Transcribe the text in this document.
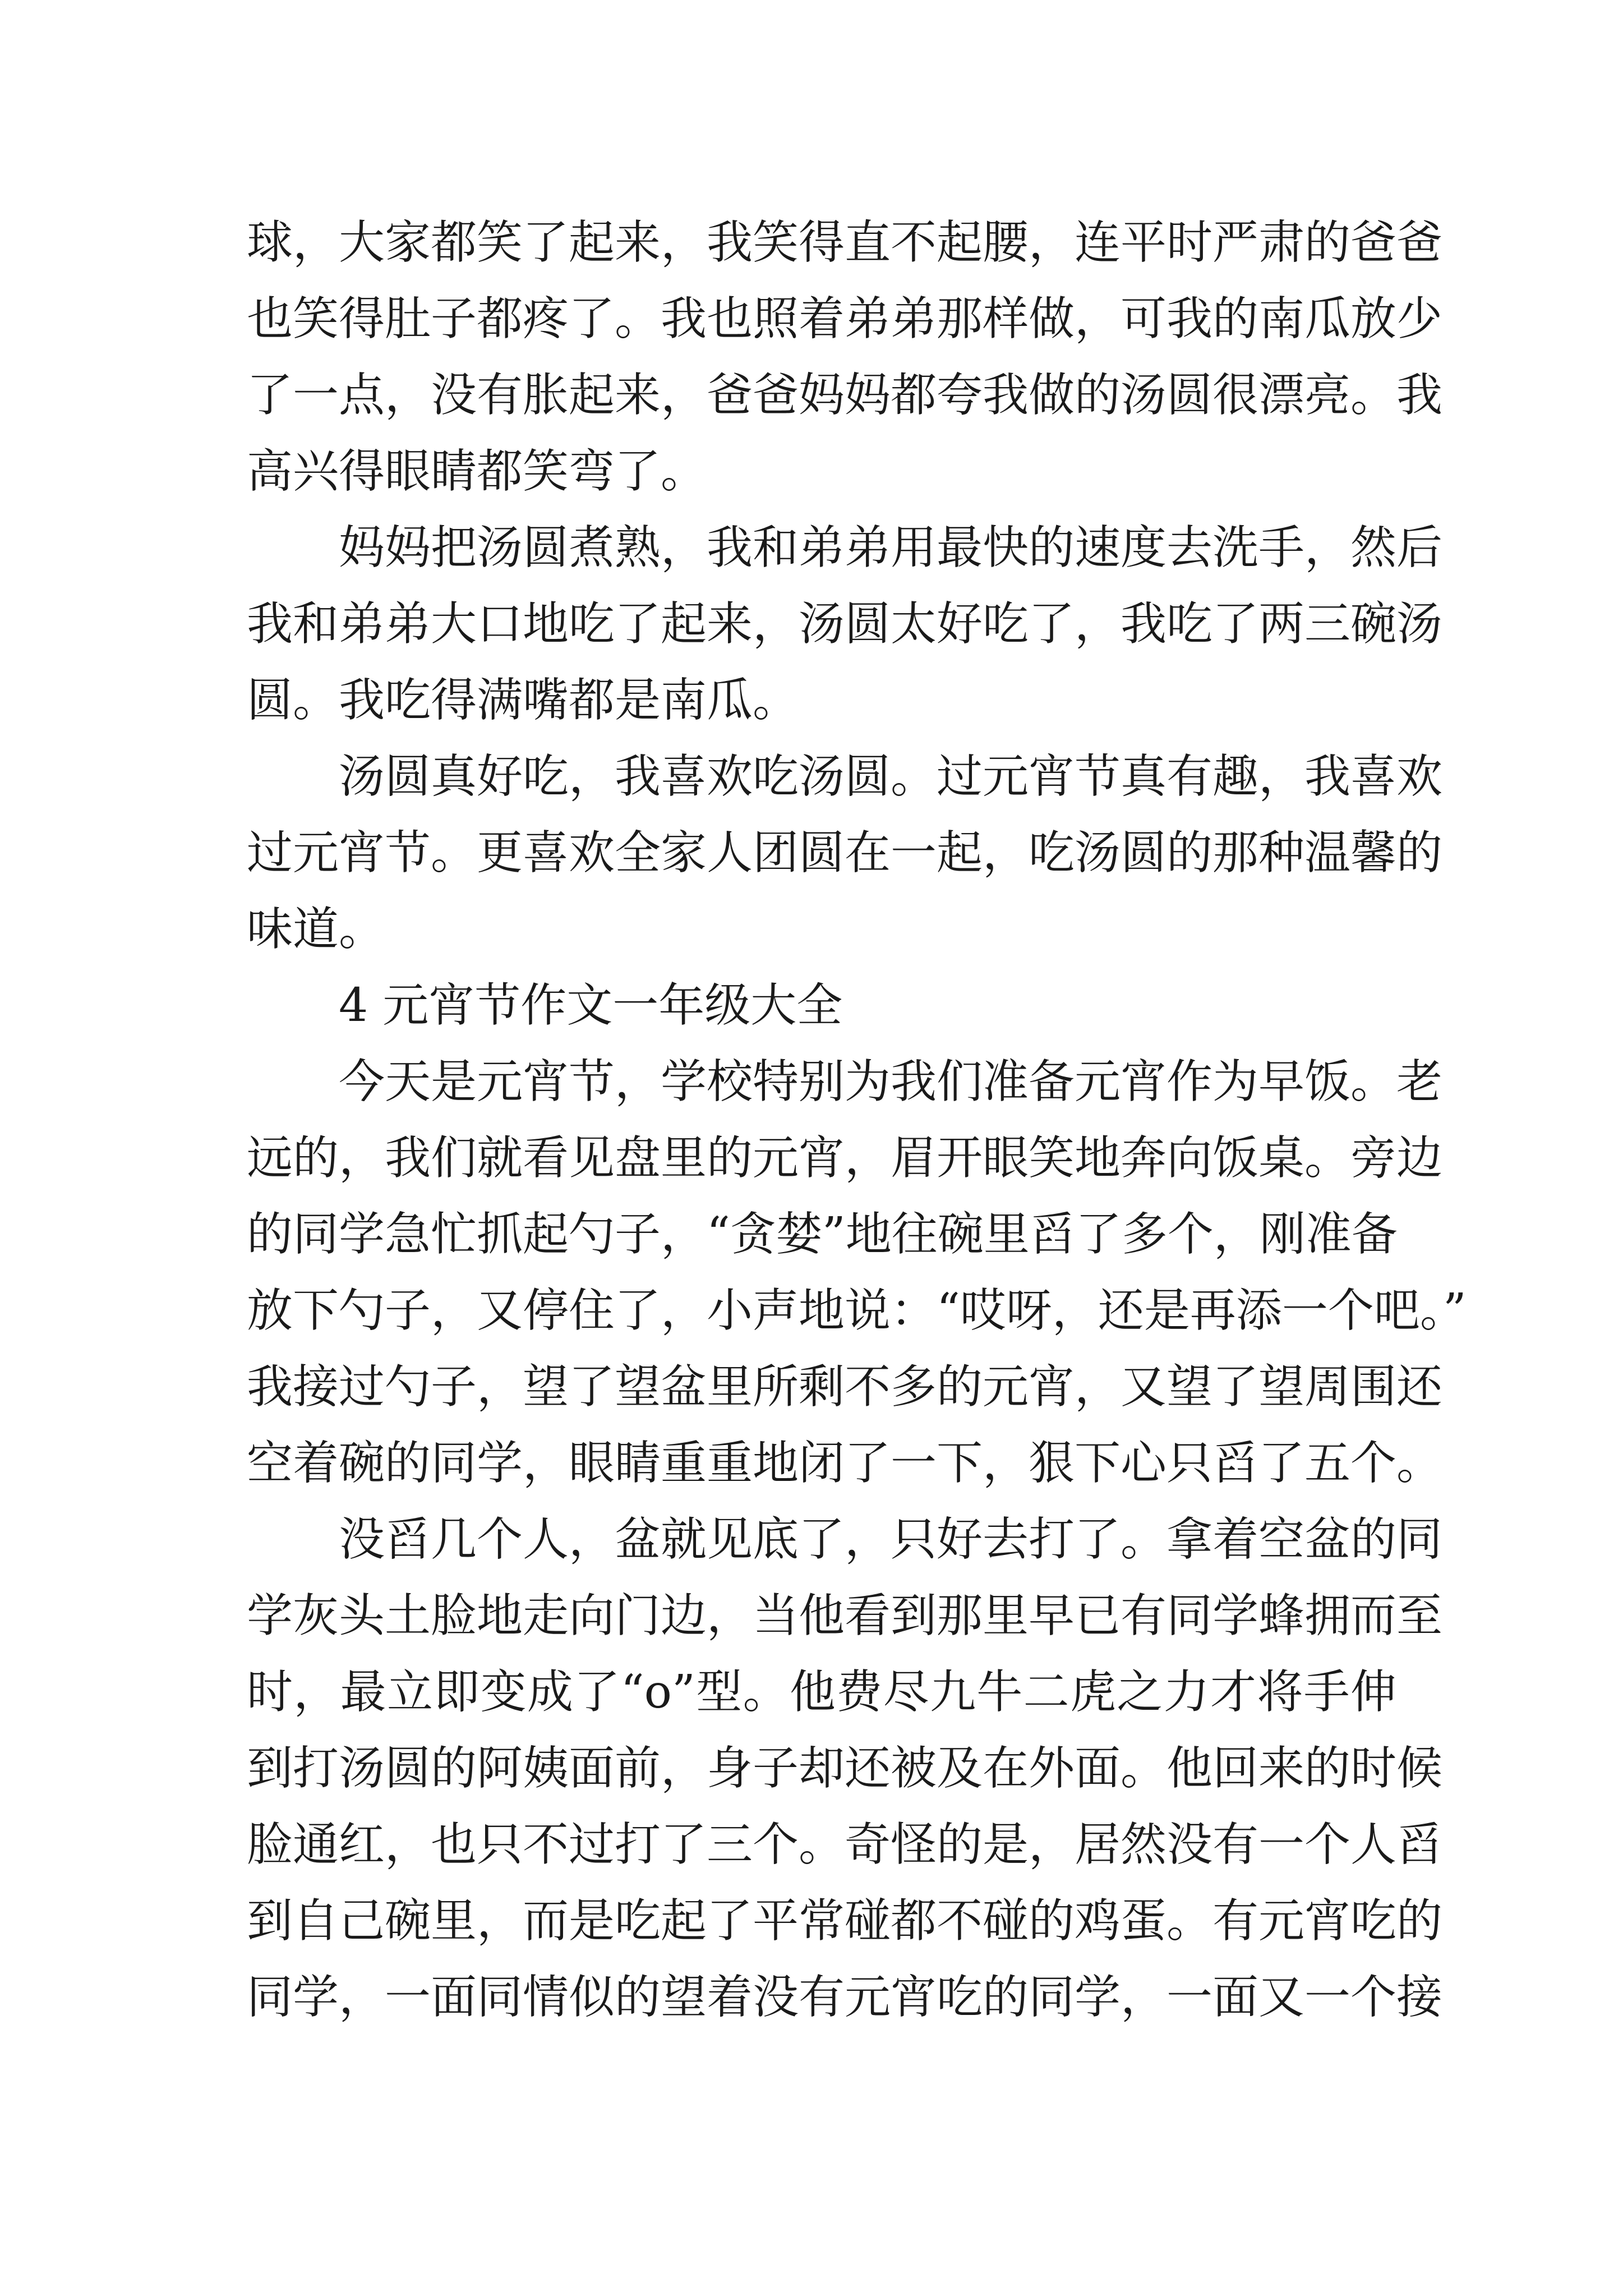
球，大家都笑了起来，我笑得直不起腰，连平时严肃的爸爸
也笑得肚子都疼了。我也照着弟弟那样做，可我的南瓜放少
了一点，没有胀起来，爸爸妈妈都夸我做的汤圆很漂亮。我
高兴得眼睛都笑弯了。
妈妈把汤圆煮熟，我和弟弟用最快的速度去洗手，然后
我和弟弟大口地吃了起来，汤圆太好吃了，我吃了两三碗汤
圆。我吃得满嘴都是南瓜。
汤圆真好吃，我喜欢吃汤圆。过元宵节真有趣，我喜欢
过元宵节。更喜欢全家人团圆在一起，吃汤圆的那种温馨的
味道。
4 元宵节作文一年级大全
今天是元宵节，学校特别为我们准备元宵作为早饭。老
远的，我们就看见盘里的元宵，眉开眼笑地奔向饭桌。旁边
的同学急忙抓起勺子，“贪婪”地往碗里舀了多个，刚准备
放下勺子，又停住了，小声地说：“哎呀，还是再添一个吧。”
我接过勺子，望了望盆里所剩不多的元宵，又望了望周围还
空着碗的同学，眼睛重重地闭了一下，狠下心只舀了五个。
没舀几个人，盆就见底了，只好去打了。拿着空盆的同
学灰头土脸地走向门边，当他看到那里早已有同学蜂拥而至
时，最立即变成了“o”型。他费尽九牛二虎之力才将手伸
到打汤圆的阿姨面前，身子却还被及在外面。他回来的时候
脸通红，也只不过打了三个。奇怪的是，居然没有一个人舀
到自己碗里，而是吃起了平常碰都不碰的鸡蛋。有元宵吃的
同学，一面同情似的望着没有元宵吃的同学，一面又一个接
